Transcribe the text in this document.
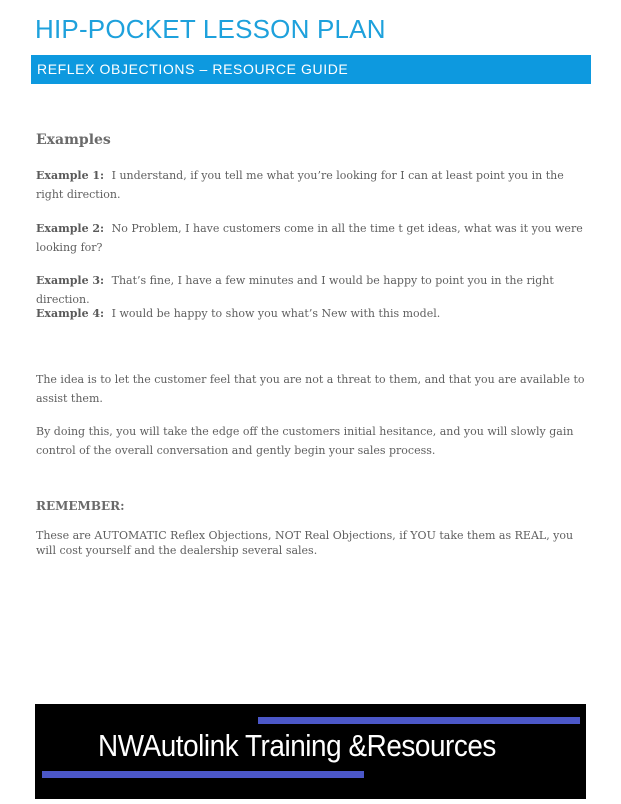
HIP-POCKET LESSON PLAN
REFLEX OBJECTIONS – RESOURCE GUIDE
Examples
Example 1: I understand, if you tell me what you’re looking for I can at least point you in the right direction.
Example 2: No Problem, I have customers come in all the time t get ideas, what was it you were looking for?
Example 3: That’s fine, I have a few minutes and I would be happy to point you in the right direction.
Example 4: I would be happy to show you what’s New with this model.
The idea is to let the customer feel that you are not a threat to them, and that you are available to assist them.
By doing this, you will take the edge off the customers initial hesitance, and you will slowly gain control of the overall conversation and gently begin your sales process.
REMEMBER:
These are AUTOMATIC Reflex Objections, NOT Real Objections, if YOU take them as REAL, you will cost yourself and the dealership several sales.
NWAutolink Training &Resources
